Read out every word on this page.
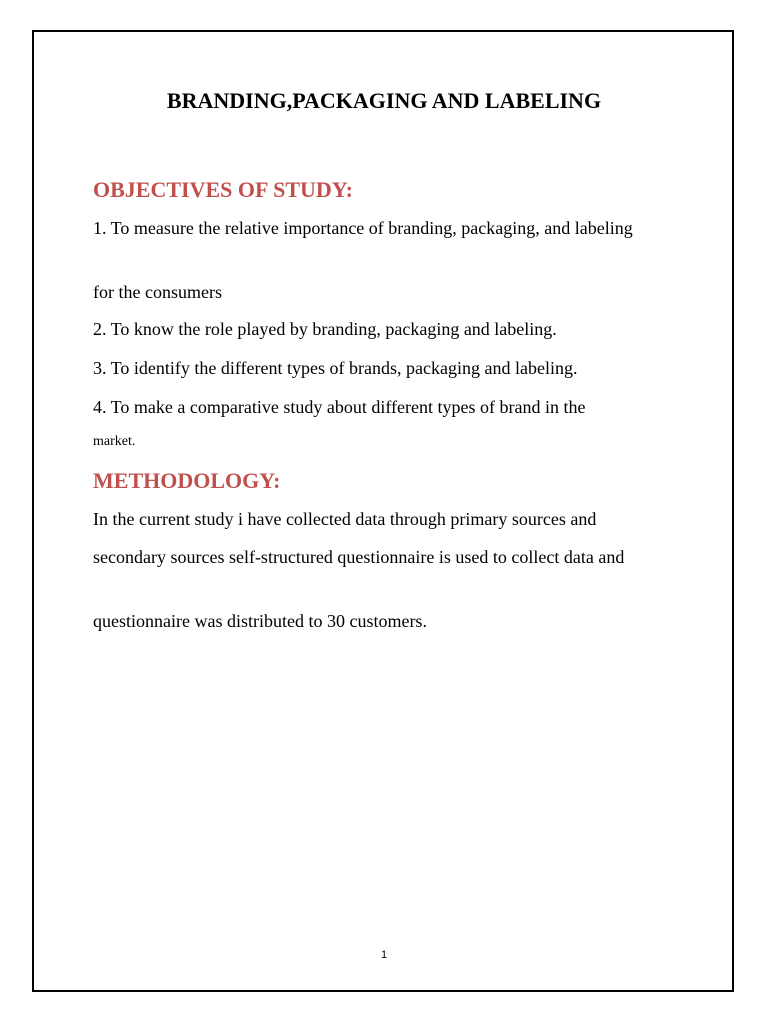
BRANDING,PACKAGING AND LABELING
OBJECTIVES OF STUDY:
1. To measure the relative importance of branding, packaging, and labeling
for the consumers
2. To know the role played by branding, packaging and labeling.
3. To identify the different types of brands, packaging and labeling.
4. To make a comparative study about different types of brand in the
market.
METHODOLOGY:
In the current study i have collected data through primary sources and
secondary sources self-structured questionnaire is used to collect data and
questionnaire was distributed to 30 customers.
1
